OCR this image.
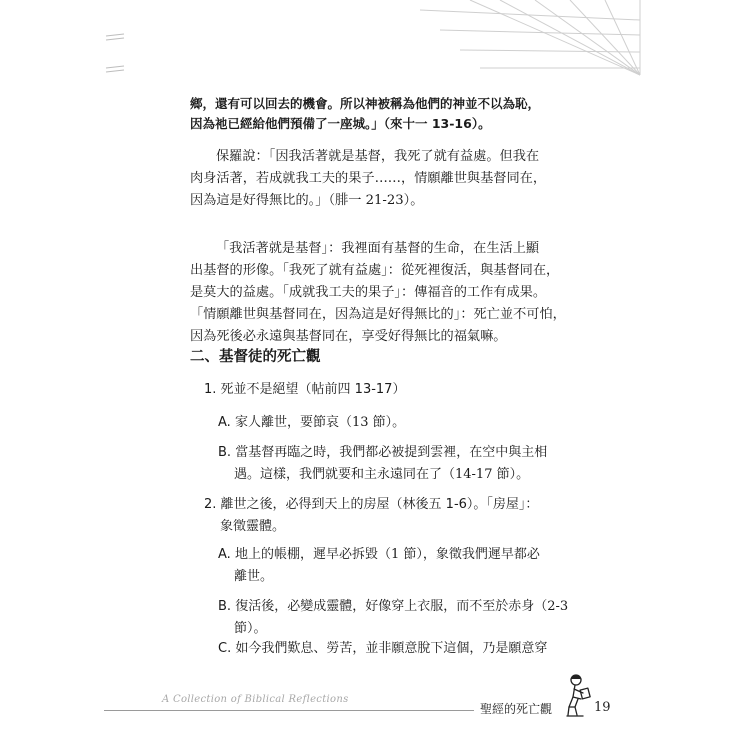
鄉，還有可以回去的機會。所以神被稱為他們的神並不以為恥，
因為祂已經給他們預備了一座城。」（來十一 13-16）。
保羅說：「因我活著就是基督，我死了就有益處。但我在
肉身活著，若成就我工夫的果子……，情願離世與基督同在，
因為這是好得無比的。」（腓一 21-23）。
「我活著就是基督」：我裡面有基督的生命，在生活上顯
出基督的形像。「我死了就有益處」：從死裡復活，與基督同在，
是莫大的益處。「成就我工夫的果子」：傳福音的工作有成果。
「情願離世與基督同在，因為這是好得無比的」：死亡並不可怕，
因為死後必永遠與基督同在，享受好得無比的福氣嘛。
二、基督徒的死亡觀
1. 死並不是絕望（帖前四 13-17）
A. 家人離世，要節哀（13 節）。
B. 當基督再臨之時，我們都必被提到雲裡，在空中與主相
遇。這樣，我們就要和主永遠同在了（14-17 節）。
2. 離世之後，必得到天上的房屋（林後五 1-6）。「房屋」：
象徵靈體。
A. 地上的帳棚，遲早必拆毀（1 節），象徵我們遲早都必
離世。
B. 復活後，必變成靈體，好像穿上衣服，而不至於赤身（2-3
節）。
C. 如今我們歎息、勞苦，並非願意脫下這個，乃是願意穿
A Collection of Biblical Reflections
聖經的死亡觀	19
